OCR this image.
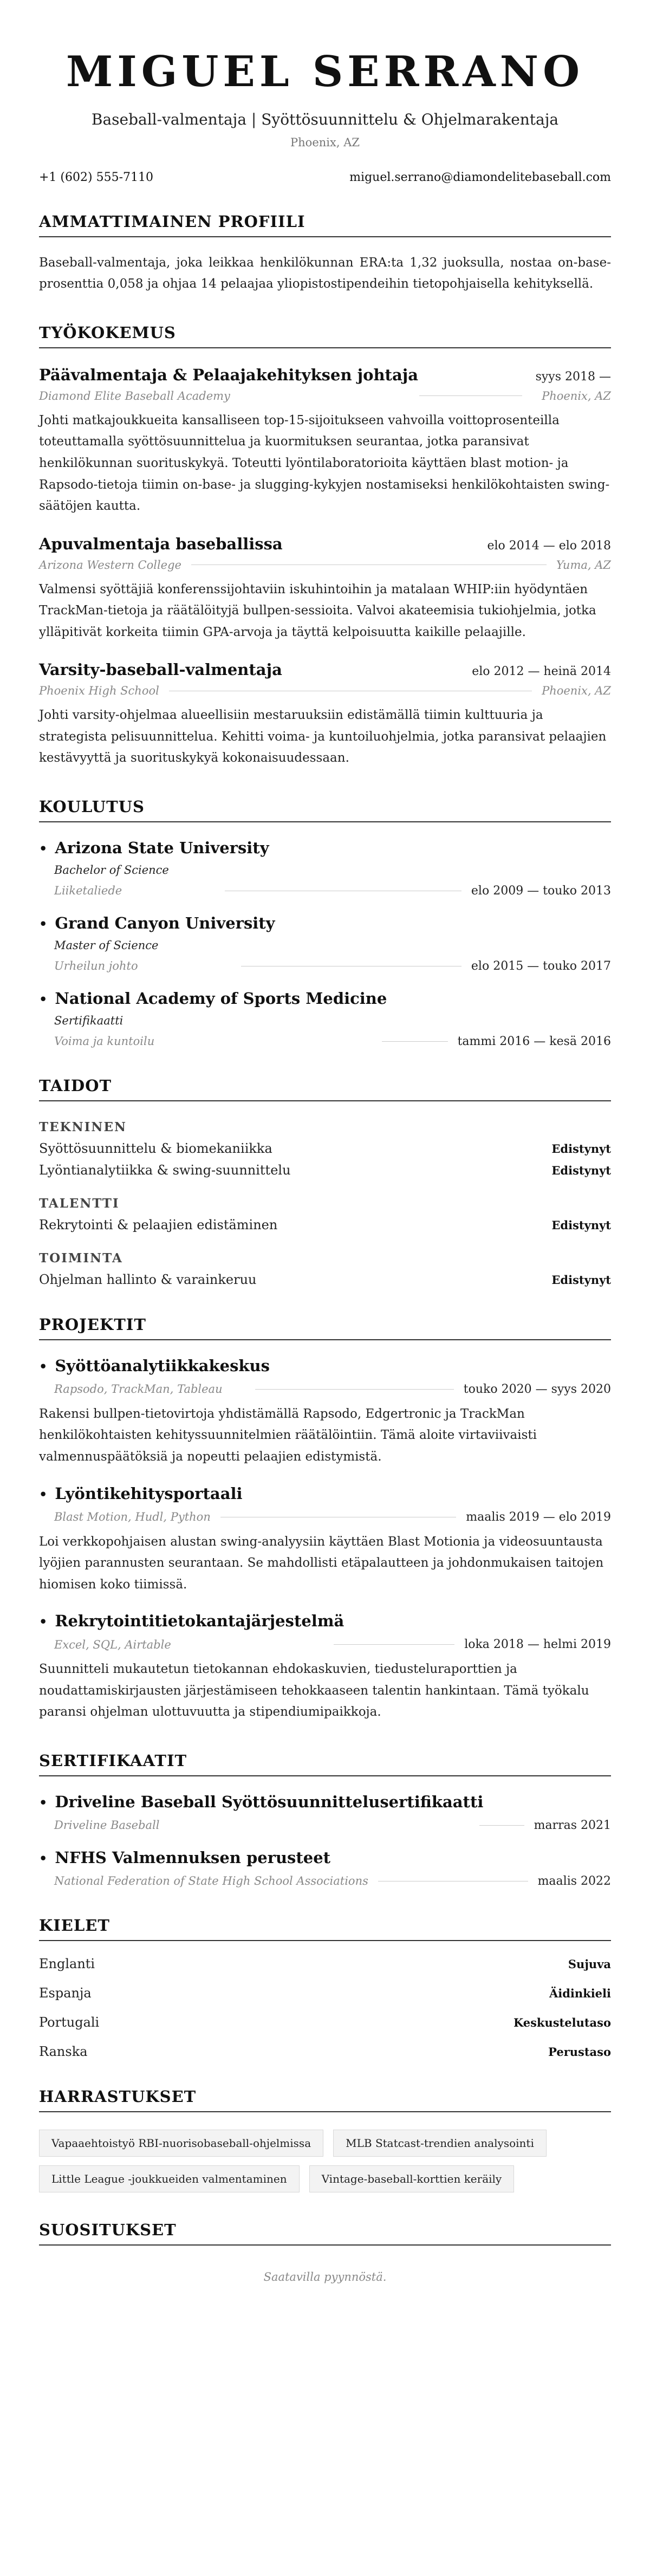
MIGUEL SERRANO
Baseball-valmentaja | Syöttösuunnittelu & Ohjelmarakentaja
Phoenix, AZ
+1 (602) 555-7110	miguel.serrano@diamondelitebaseball.com
AMMATTIMAINEN PROFIILI
Baseball-valmentaja, joka leikkaa henkilökunnan ERA:ta 1,32 juoksulla, nostaa on-base-prosenttia 0,058 ja ohjaa 14 pelaajaa yliopistostipendeihin tietopohjaisella kehityksellä.
TYÖKOKEMUS
Päävalmentaja & Pelaajakehityksen johtaja	syys 2018 —
Diamond Elite Baseball Academy	Phoenix, AZ
Johti matkajoukkueita kansalliseen top-15-sijoitukseen vahvoilla voittoprosenteilla toteuttamalla syöttösuunnittelua ja kuormituksen seurantaa, jotka paransivat henkilökunnan suorituskykyä. Toteutti lyöntilaboratorioita käyttäen blast motion- ja Rapsodo-tietoja tiimin on-base- ja slugging-kykyjen nostamiseksi henkilökohtaisten swing-säätöjen kautta.
Apuvalmentaja baseballissa	elo 2014 — elo 2018
Arizona Western College	Yuma, AZ
Valmensi syöttäjiä konferenssijohtaviin iskuhintoihin ja matalaan WHIP:iin hyödyntäen TrackMan-tietoja ja räätälöityjä bullpen-sessioita. Valvoi akateemisia tukiohjelmia, jotka ylläpitivät korkeita tiimin GPA-arvoja ja täyttä kelpoisuutta kaikille pelaajille.
Varsity-baseball-valmentaja	elo 2012 — heinä 2014
Phoenix High School	Phoenix, AZ
Johti varsity-ohjelmaa alueellisiin mestaruuksiin edistämällä tiimin kulttuuria ja strategista pelisuunnittelua. Kehitti voima- ja kuntoiluohjelmia, jotka paransivat pelaajien kestävyyttä ja suorituskykyä kokonaisuudessaan.
KOULUTUS
• Arizona State University
Bachelor of Science
Liiketaliede	elo 2009 — touko 2013
• Grand Canyon University
Master of Science
Urheilun johto	elo 2015 — touko 2017
• National Academy of Sports Medicine
Sertifikaatti
Voima ja kuntoilu	tammi 2016 — kesä 2016
TAIDOT
TEKNINEN
Syöttösuunnittelu & biomekaniikka	Edistynyt
Lyöntianalytiikka & swing-suunnittelu	Edistynyt
TALENTTI
Rekrytointi & pelaajien edistäminen	Edistynyt
TOIMINTA
Ohjelman hallinto & varainkeruu	Edistynyt
PROJEKTIT
• Syöttöanalytiikkakeskus
Rapsodo, TrackMan, Tableau	touko 2020 — syys 2020
Rakensi bullpen-tietovirtoja yhdistämällä Rapsodo, Edgertronic ja TrackMan henkilökohtaisten kehityssuunnitelmien räätälöintiin. Tämä aloite virtaviivaisti valmennuspäätöksiä ja nopeutti pelaajien edistymistä.
• Lyöntikehitysportaali
Blast Motion, Hudl, Python	maalis 2019 — elo 2019
Loi verkkopohjaisen alustan swing-analyysiin käyttäen Blast Motionia ja videosuuntausta lyöjien parannusten seurantaan. Se mahdollisti etäpalautteen ja johdonmukaisen taitojen hiomisen koko tiimissä.
• Rekrytointitietokantajärjestelmä
Excel, SQL, Airtable	loka 2018 — helmi 2019
Suunnitteli mukautetun tietokannan ehdokaskuvien, tiedusteluraporttien ja noudattamiskirjausten järjestämiseen tehokkaaseen talentin hankintaan. Tämä työkalu paransi ohjelman ulottuvuutta ja stipendiumipaikkoja.
SERTIFIKAATIT
• Driveline Baseball Syöttösuunnittelusertifikaatti
Driveline Baseball	marras 2021
• NFHS Valmennuksen perusteet
National Federation of State High School Associations	maalis 2022
KIELET
Englanti	Sujuva
Espanja	Äidinkieli
Portugali	Keskustelutaso
Ranska	Perustaso
HARRASTUKSET
Vapaaehtoistyö RBI-nuorisobaseball-ohjelmissa	MLB Statcast-trendien analysointi
Little League -joukkueiden valmentaminen	Vintage-baseball-korttien keräily
SUOSITUKSET
Saatavilla pyynnöstä.
